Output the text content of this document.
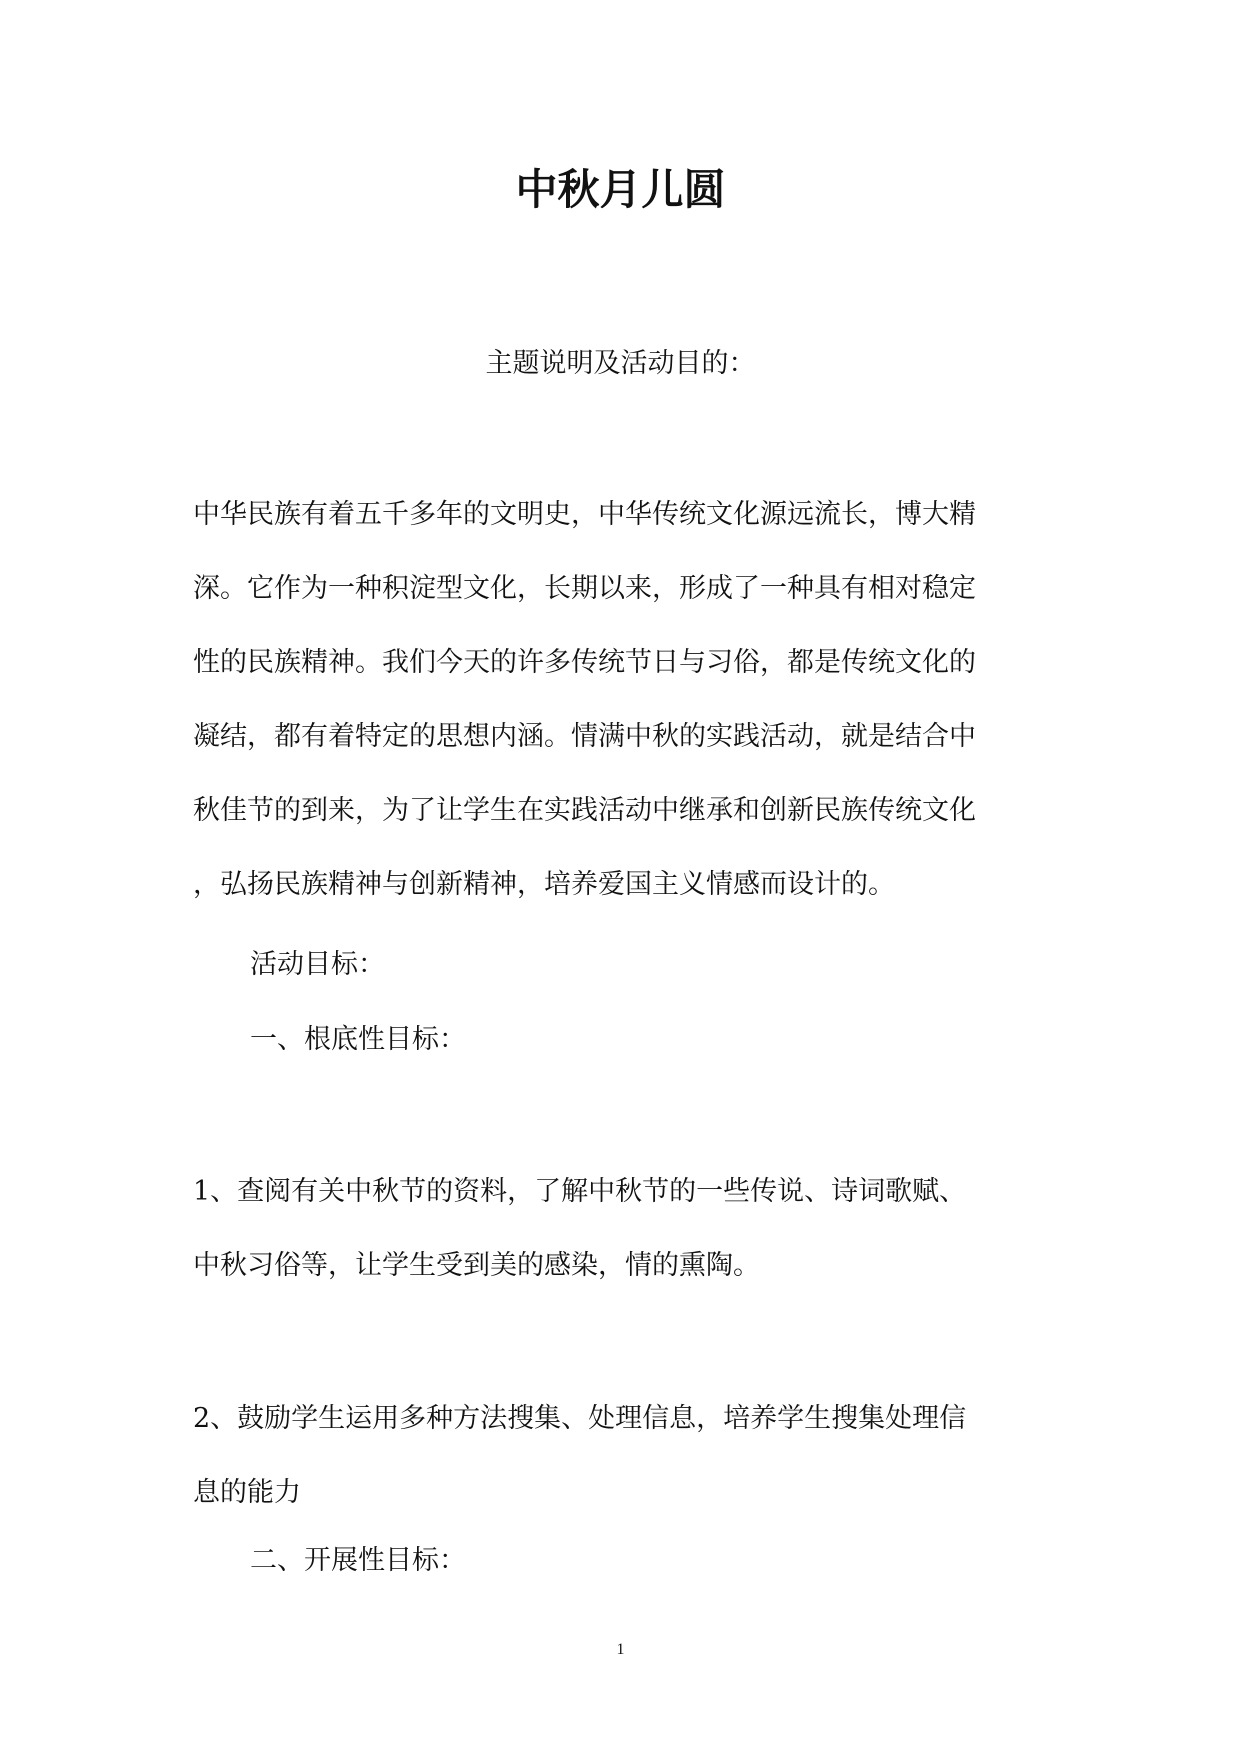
中秋月儿圆
主题说明及活动目的：
中华民族有着五千多年的文明史，中华传统文化源远流长，博大精
深。它作为一种积淀型文化，长期以来，形成了一种具有相对稳定
性的民族精神。我们今天的许多传统节日与习俗，都是传统文化的
凝结，都有着特定的思想内涵。情满中秋的实践活动，就是结合中
秋佳节的到来，为了让学生在实践活动中继承和创新民族传统文化
，弘扬民族精神与创新精神，培养爱国主义情感而设计的。
活动目标：
一、根底性目标：
1、查阅有关中秋节的资料，了解中秋节的一些传说、诗词歌赋、
中秋习俗等，让学生受到美的感染，情的熏陶。
2、鼓励学生运用多种方法搜集、处理信息，培养学生搜集处理信
息的能力
二、开展性目标：
1
